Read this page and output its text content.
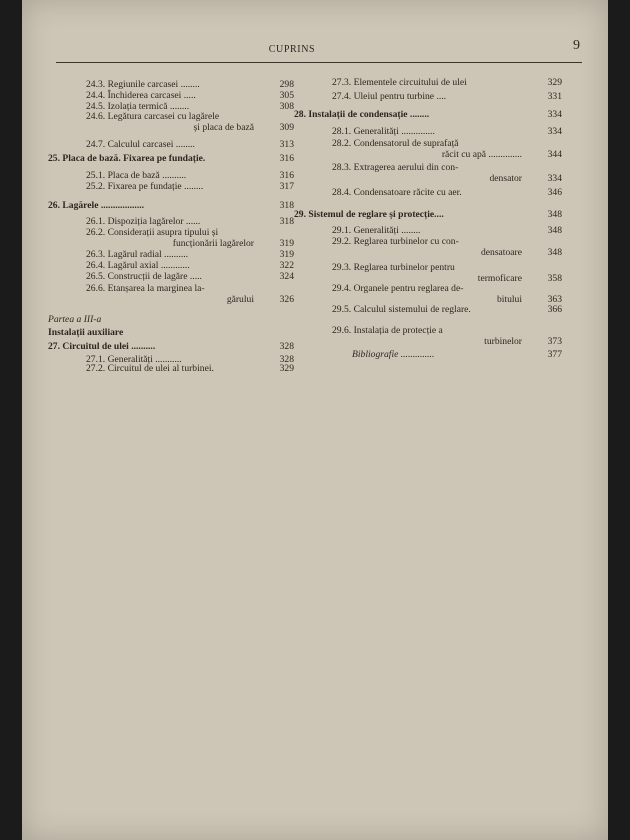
CUPRINS	9
24.3. Regiunile carcasei ........	298
24.4. Închiderea carcasei .....	305
24.5. Izolația termică ........	308
24.6. Legătura carcasei cu lagărele
și placa de bază	309
24.7. Calculul carcasei ........	313
25. Placa de bază. Fixarea pe fundație.	316
25.1. Placa de bază ..........	316
25.2. Fixarea pe fundație ........	317
26. Lagărele ..................	318
26.1. Dispoziția lagărelor ......	318
26.2. Considerații asupra tipului și
funcționării lagărelor	319
26.3. Lagărul radial ..........	319
26.4. Lagărul axial ............	322
26.5. Construcții de lagăre .....	324
26.6. Etanșarea la marginea la-
gărului	326
Partea a III-a
Instalații auxiliare
27. Circuitul de ulei ..........	328
27.1. Generalități ...........	328
27.2. Circuitul de ulei al turbinei.	329
27.3. Elementele circuitului de ulei	329
27.4. Uleiul pentru turbine ....	331
28. Instalații de condensație ........	334
28.1. Generalități ..............	334
28.2. Condensatorul de suprafață
răcit cu apă ..............	344
28.3. Extragerea aerului din con-
densator	334
28.4. Condensatoare răcite cu aer.	346
29. Sistemul de reglare și protecție....	348
29.1. Generalități ........	348
29.2. Reglarea turbinelor cu con-
densatoare	348
29.3. Reglarea turbinelor pentru
termoficare	358
29.4. Organele pentru reglarea de-
bitului	363
29.5. Calculul sistemului de reglare.	366
29.6. Instalația de protecție a
turbinelor	373
Bibliografie ..............	377
